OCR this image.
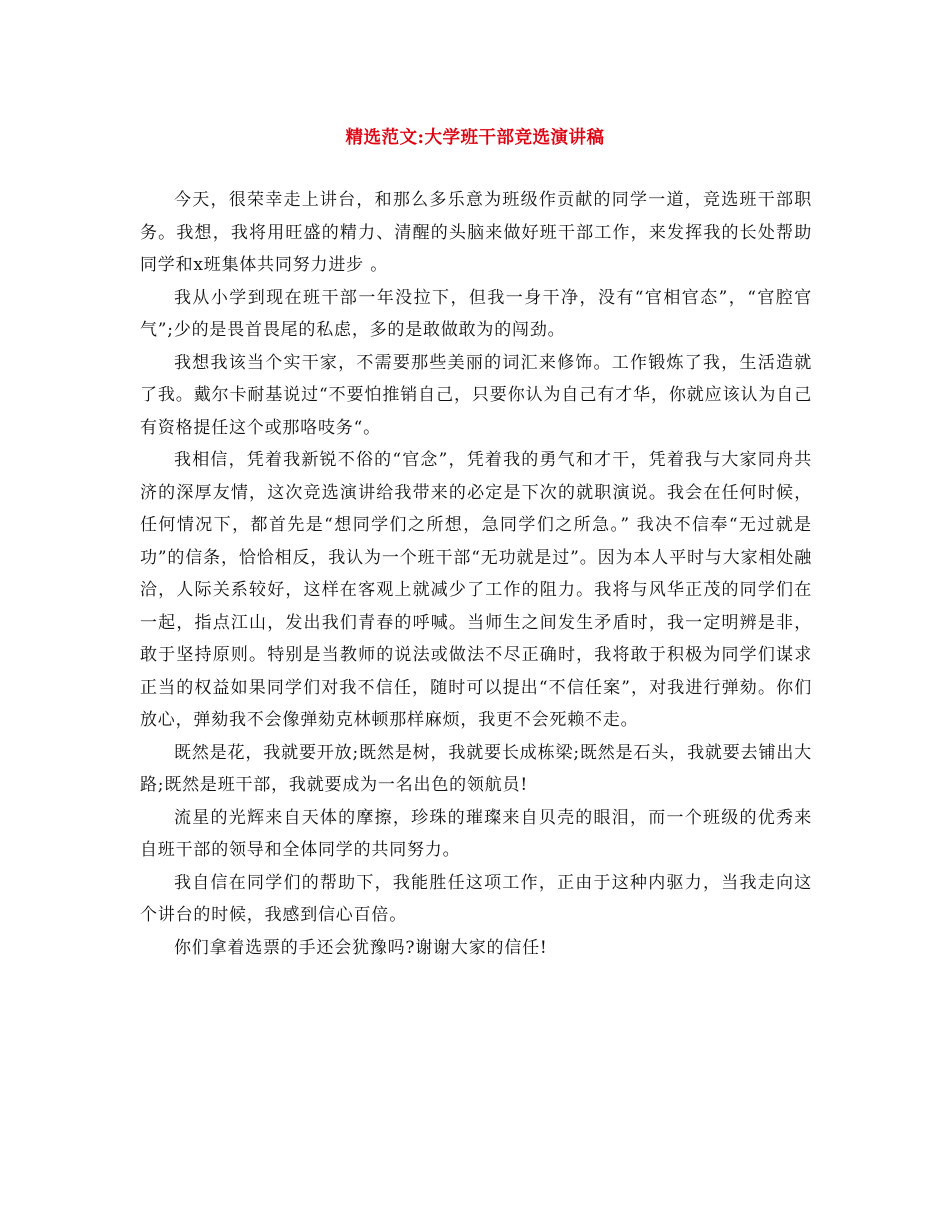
精选范文:大学班干部竞选演讲稿

今天，很荣幸走上讲台，和那么多乐意为班级作贡献的同学一道，竞选班干部职务。我想，我将用旺盛的精力、清醒的头脑来做好班干部工作，来发挥我的长处帮助同学和x班集体共同努力进步 。

我从小学到现在班干部一年没拉下，但我一身干净，没有“官相官态”，“官腔官气”;少的是畏首畏尾的私虑，多的是敢做敢为的闯劲。

我想我该当个实干家，不需要那些美丽的词汇来修饰。工作锻炼了我，生活造就了我。戴尔卡耐基说过“不要怕推销自己，只要你认为自己有才华，你就应该认为自己有资格提任这个或那咯吱务“。

我相信，凭着我新锐不俗的“官念”，凭着我的勇气和才干，凭着我与大家同舟共济的深厚友情，这次竞选演讲给我带来的必定是下次的就职演说。我会在任何时候，任何情况下，都首先是“想同学们之所想，急同学们之所急。” 我决不信奉“无过就是功”的信条，恰恰相反，我认为一个班干部“无功就是过”。因为本人平时与大家相处融洽，人际关系较好，这样在客观上就减少了工作的阻力。我将与风华正茂的同学们在一起，指点江山，发出我们青春的呼喊。当师生之间发生矛盾时，我一定明辨是非，敢于坚持原则。特别是当教师的说法或做法不尽正确时，我将敢于积极为同学们谋求正当的权益如果同学们对我不信任，随时可以提出“不信任案”，对我进行弹劾。你们放心，弹劾我不会像弹劾克林顿那样麻烦，我更不会死赖不走。

既然是花，我就要开放;既然是树，我就要长成栋梁;既然是石头，我就要去铺出大路;既然是班干部，我就要成为一名出色的领航员!

流星的光辉来自天体的摩擦，珍珠的璀璨来自贝壳的眼泪，而一个班级的优秀来自班干部的领导和全体同学的共同努力。

我自信在同学们的帮助下，我能胜任这项工作，正由于这种内驱力，当我走向这个讲台的时候，我感到信心百倍。

你们拿着选票的手还会犹豫吗?谢谢大家的信任!
